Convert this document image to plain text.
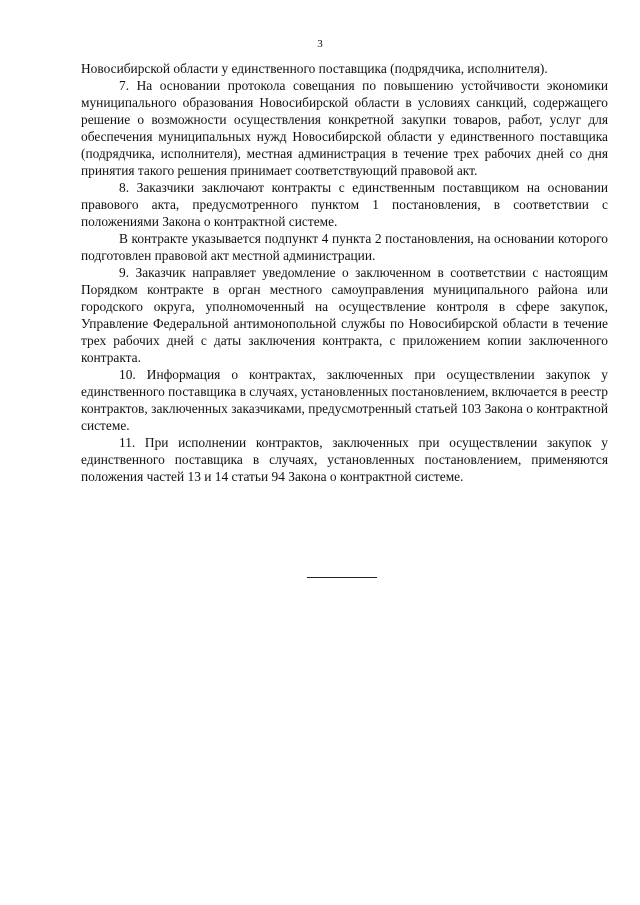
3

Новосибирской области у единственного поставщика (подрядчика, исполнителя).

7. На основании протокола совещания по повышению устойчивости экономики муниципального образования Новосибирской области в условиях санкций, содержащего решение о возможности осуществления конкретной закупки товаров, работ, услуг для обеспечения муниципальных нужд Новосибирской области у единственного поставщика (подрядчика, исполнителя), местная администрация в течение трех рабочих дней со дня принятия такого решения принимает соответствующий правовой акт.

8. Заказчики заключают контракты с единственным поставщиком на основании правового акта, предусмотренного пунктом 1 постановления, в соответствии с положениями Закона о контрактной системе.

В контракте указывается подпункт 4 пункта 2 постановления, на основании которого подготовлен правовой акт местной администрации.

9. Заказчик направляет уведомление о заключенном в соответствии с настоящим Порядком контракте в орган местного самоуправления муниципального района или городского округа, уполномоченный на осуществление контроля в сфере закупок, Управление Федеральной антимонопольной службы по Новосибирской области в течение трех рабочих дней с даты заключения контракта, с приложением копии заключенного контракта.

10. Информация о контрактах, заключенных при осуществлении закупок у единственного поставщика в случаях, установленных постановлением, включается в реестр контрактов, заключенных заказчиками, предусмотренный статьей 103 Закона о контрактной системе.

11. При исполнении контрактов, заключенных при осуществлении закупок у единственного поставщика в случаях, установленных постановлением, применяются положения частей 13 и 14 статьи 94 Закона о контрактной системе.
